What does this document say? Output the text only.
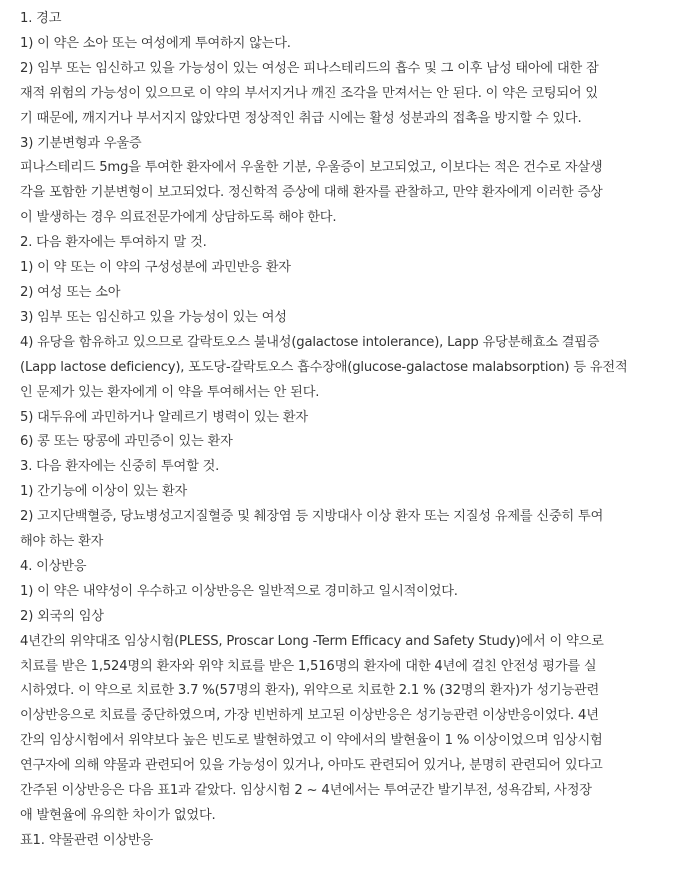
1. 경고
1) 이 약은 소아 또는 여성에게 투여하지 않는다.
2) 임부 또는 임신하고 있을 가능성이 있는 여성은 피나스테리드의 흡수 및 그 이후 남성 태아에 대한 잠
재적 위험의 가능성이 있으므로 이 약의 부서지거나 깨진 조각을 만져서는 안 된다. 이 약은 코팅되어 있
기 때문에, 깨지거나 부서지지 않았다면 정상적인 취급 시에는 활성 성분과의 접촉을 방지할 수 있다.
3) 기분변형과 우울증
피나스테리드 5mg을 투여한 환자에서 우울한 기분, 우울증이 보고되었고, 이보다는 적은 건수로 자살생
각을 포함한 기분변형이 보고되었다. 정신학적 증상에 대해 환자를 관찰하고, 만약 환자에게 이러한 증상
이 발생하는 경우 의료전문가에게 상담하도록 해야 한다.
2. 다음 환자에는 투여하지 말 것.
1) 이 약 또는 이 약의 구성성분에 과민반응 환자
2) 여성 또는 소아
3) 임부 또는 임신하고 있을 가능성이 있는 여성
4) 유당을 함유하고 있으므로 갈락토오스 불내성(galactose intolerance), Lapp 유당분해효소 결핍증
(Lapp lactose deficiency), 포도당-갈락토오스 흡수장애(glucose-galactose malabsorption) 등 유전적
인 문제가 있는 환자에게 이 약을 투여해서는 안 된다.
5) 대두유에 과민하거나 알레르기 병력이 있는 환자
6) 콩 또는 땅콩에 과민증이 있는 환자
3. 다음 환자에는 신중히 투여할 것.
1) 간기능에 이상이 있는 환자
2) 고지단백혈증, 당뇨병성고지질혈증 및 췌장염 등 지방대사 이상 환자 또는 지질성 유제를 신중히 투여
해야 하는 환자
4. 이상반응
1) 이 약은 내약성이 우수하고 이상반응은 일반적으로 경미하고 일시적이었다.
2) 외국의 임상
4년간의 위약대조 임상시험(PLESS, Proscar Long -Term Efficacy and Safety Study)에서 이 약으로
치료를 받은 1,524명의 환자와 위약 치료를 받은 1,516명의 환자에 대한 4년에 걸친 안전성 평가를 실
시하였다. 이 약으로 치료한 3.7 %(57명의 환자), 위약으로 치료한 2.1 % (32명의 환자)가 성기능관련
이상반응으로 치료를 중단하였으며, 가장 빈번하게 보고된 이상반응은 성기능관련 이상반응이었다. 4년
간의 임상시험에서 위약보다 높은 빈도로 발현하였고 이 약에서의 발현율이 1 % 이상이었으며 임상시험
연구자에 의해 약물과 관련되어 있을 가능성이 있거나, 아마도 관련되어 있거나, 분명히 관련되어 있다고
간주된 이상반응은 다음 표1과 같았다. 임상시험 2 ~ 4년에서는 투여군간 발기부전, 성욕감퇴, 사정장
애 발현율에 유의한 차이가 없었다.
표1. 약물관련 이상반응
